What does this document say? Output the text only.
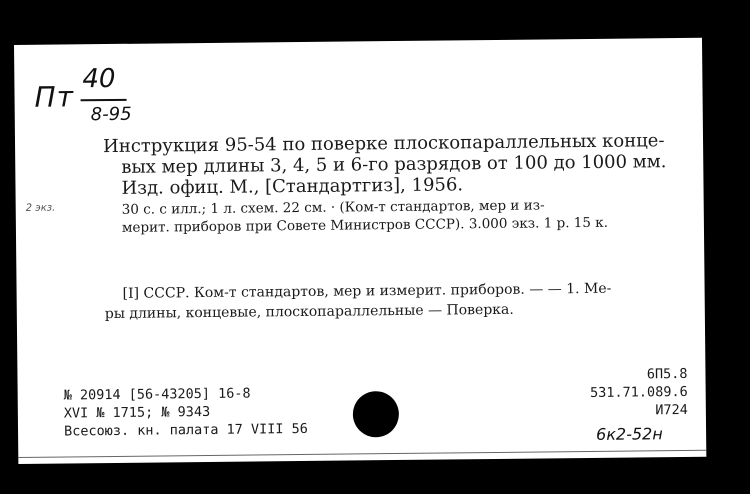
Пт
40
8-95
2 экз.
Инструкция 95-54 по поверке плоскопараллельных конце-
вых мер длины 3, 4, 5 и 6-го разрядов от 100 до 1000 мм.
Изд. офиц. М., [Стандартгиз], 1956.
30 с. с илл.; 1 л. схем. 22 см. · (Ком-т стандартов, мер и из-
мерит. приборов при Совете Министров СССР). 3.000 экз. 1 р. 15 к.
[I] СССР. Ком-т стандартов, мер и измерит. приборов. — — 1. Ме-
ры длины, концевые, плоскопараллельные — Поверка.
№ 20914 [56-43205] 16-8
XVI № 1715; № 9343
Всесоюз. кн. палата 17 VIII 56
6П5.8
531.71.089.6
И724
6к2-52н
